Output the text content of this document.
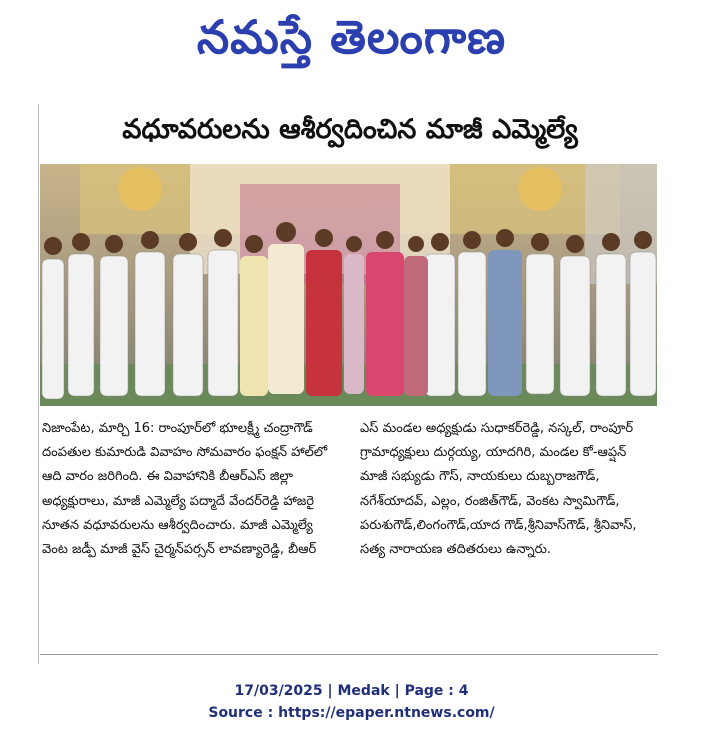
నమస్తే తెలంగాణ
వధూవరులను ఆశీర్వదించిన మాజీ ఎమ్మెల్యే

నిజాంపేట, మార్చి 16: రాంపూర్‌లో భూలక్ష్మీ చంద్రాగౌడ్‌ దంపతుల కుమారుడి వివాహం సోమవారం ఫంక్షన్‌ హాల్‌లో ఆది వారం జరిగింది. ఈ వివాహానికి బీఆర్‌ఎస్‌ జిల్లా అధ్యక్షురాలు, మాజీ ఎమ్మెల్యే పద్మాదే వేందర్‌రెడ్డి హాజరై నూతన వధూవరులను ఆశీర్వదించారు. మాజీ ఎమ్మెల్యే వెంట జడ్పీ మాజీ వైస్‌ చైర్మన్‌పర్సన్‌ లావణ్యారెడ్డి, బీఆర్‌

ఎస్‌ మండల అధ్యక్షుడు సుధాకర్‌రెడ్డి, నస్కల్‌, రాంపూర్‌ గ్రామాధ్యక్షులు దుర్గయ్య, యాదగిరి, మండల కో-ఆప్షన్‌ మాజీ సభ్యుడు గౌస్‌, నాయకులు దుబ్బరాజగౌడ్‌, నగేశ్‌యాదవ్‌, ఎల్లం, రంజిత్‌గౌడ్‌, వెంకట స్వామిగౌడ్‌, పరుశుగౌడ్‌,లింగంగౌడ్‌,యాద గౌడ్‌,శ్రీనివాస్‌గౌడ్‌, శ్రీనివాస్‌, సత్య నారాయణ తదితరులు ఉన్నారు.

17/03/2025 | Medak | Page : 4
Source : https://epaper.ntnews.com/
